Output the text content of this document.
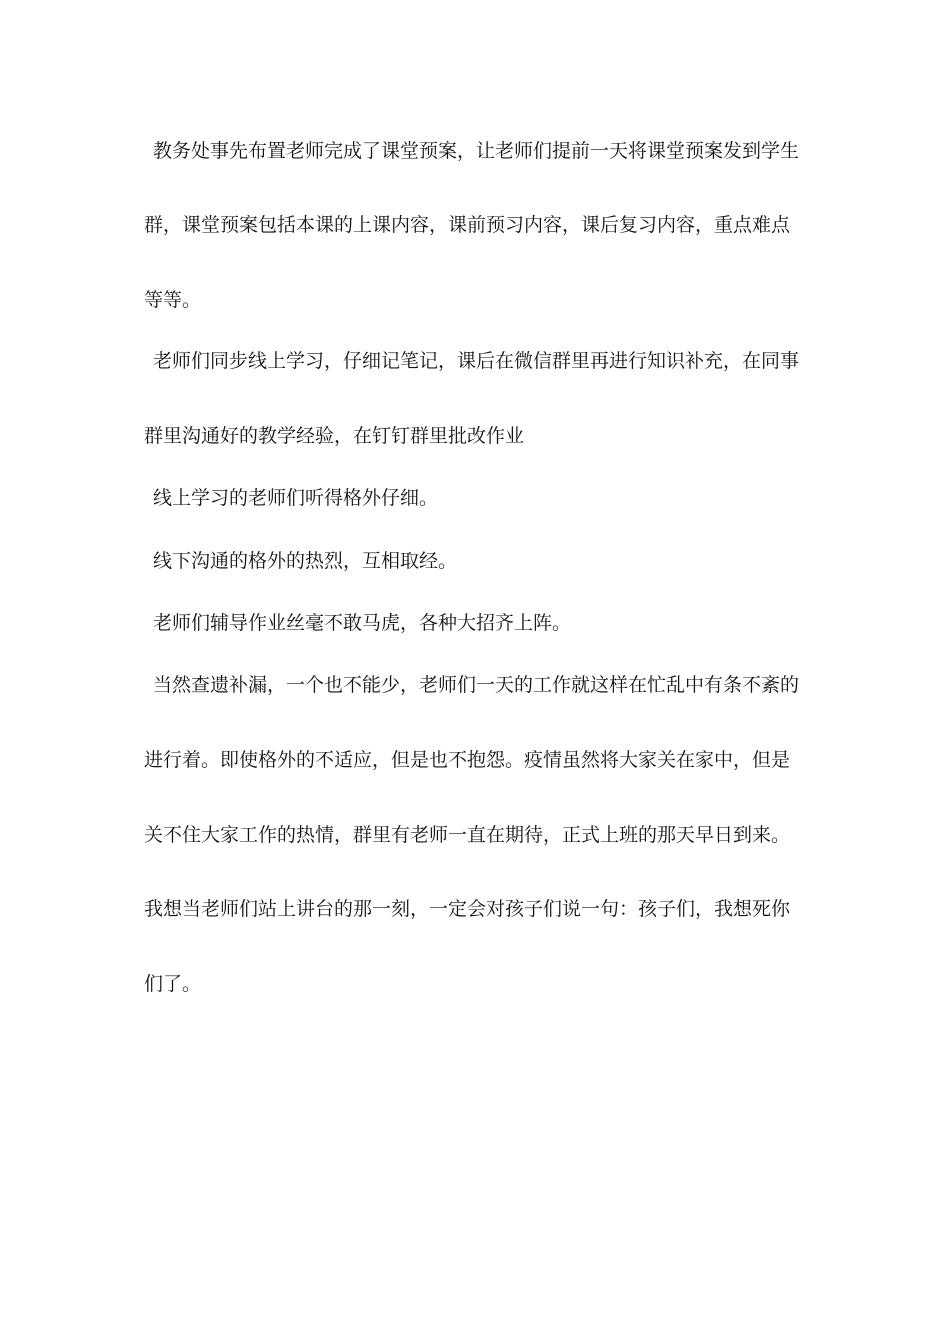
教务处事先布置老师完成了课堂预案，让老师们提前一天将课堂预案发到学生
群，课堂预案包括本课的上课内容，课前预习内容，课后复习内容，重点难点
等等。
老师们同步线上学习，仔细记笔记，课后在微信群里再进行知识补充，在同事
群里沟通好的教学经验，在钉钉群里批改作业
线上学习的老师们听得格外仔细。
线下沟通的格外的热烈，互相取经。
老师们辅导作业丝毫不敢马虎，各种大招齐上阵。
当然查遗补漏，一个也不能少，老师们一天的工作就这样在忙乱中有条不紊的
进行着。即使格外的不适应，但是也不抱怨。疫情虽然将大家关在家中，但是
关不住大家工作的热情，群里有老师一直在期待，正式上班的那天早日到来。
我想当老师们站上讲台的那一刻，一定会对孩子们说一句：孩子们，我想死你
们了。
